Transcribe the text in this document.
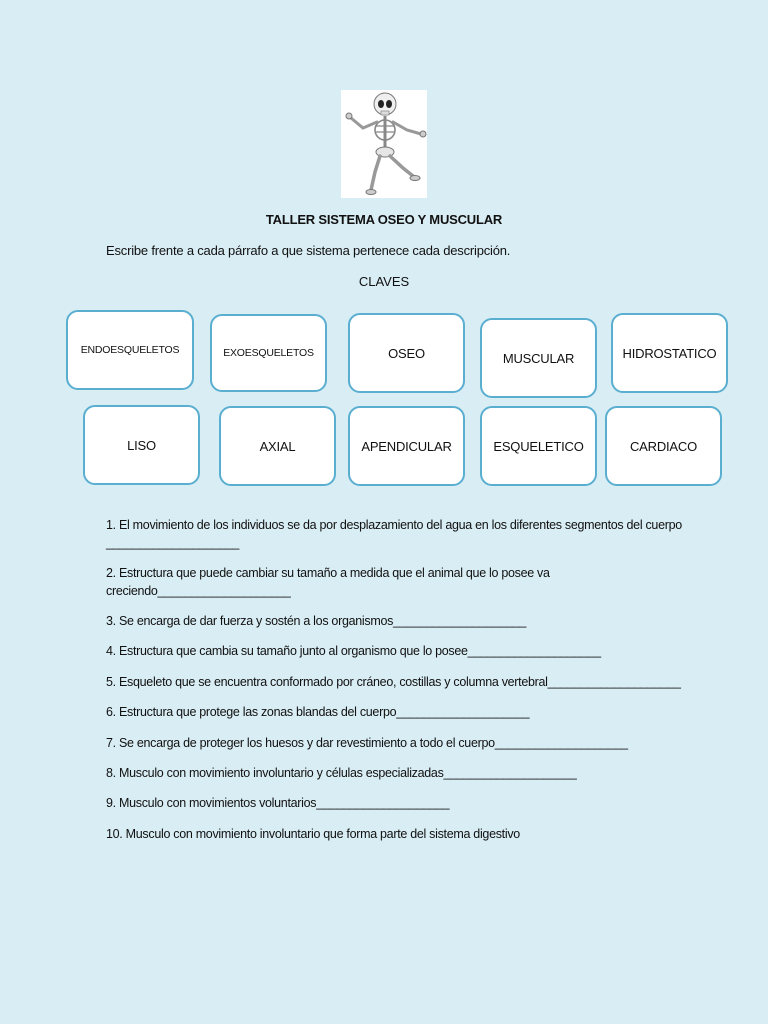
TALLER SISTEMA OSEO Y MUSCULAR
Escribe frente a cada párrafo a que sistema pertenece cada descripción.
CLAVES
ENDOESQUELETOS	EXOESQUELETOS	OSEO	MUSCULAR	HIDROSTATICO
LISO	AXIAL	APENDICULAR	ESQUELETICO	CARDIACO
1. El movimiento de los individuos se da por desplazamiento del agua en los diferentes segmentos del cuerpo
____________________
2. Estructura que puede cambiar su tamaño a medida que el animal que lo posee va
creciendo____________________
3. Se encarga de dar fuerza y sostén a los organismos____________________
4. Estructura que cambia su tamaño junto al organismo que lo posee____________________
5. Esqueleto que se encuentra conformado por cráneo, costillas y columna vertebral____________________
6. Estructura que protege las zonas blandas del cuerpo____________________
7. Se encarga de proteger los huesos y dar revestimiento a todo el cuerpo____________________
8. Musculo con movimiento involuntario y células especializadas____________________
9. Musculo con movimientos voluntarios____________________
10. Musculo con movimiento involuntario que forma parte del sistema digestivo
